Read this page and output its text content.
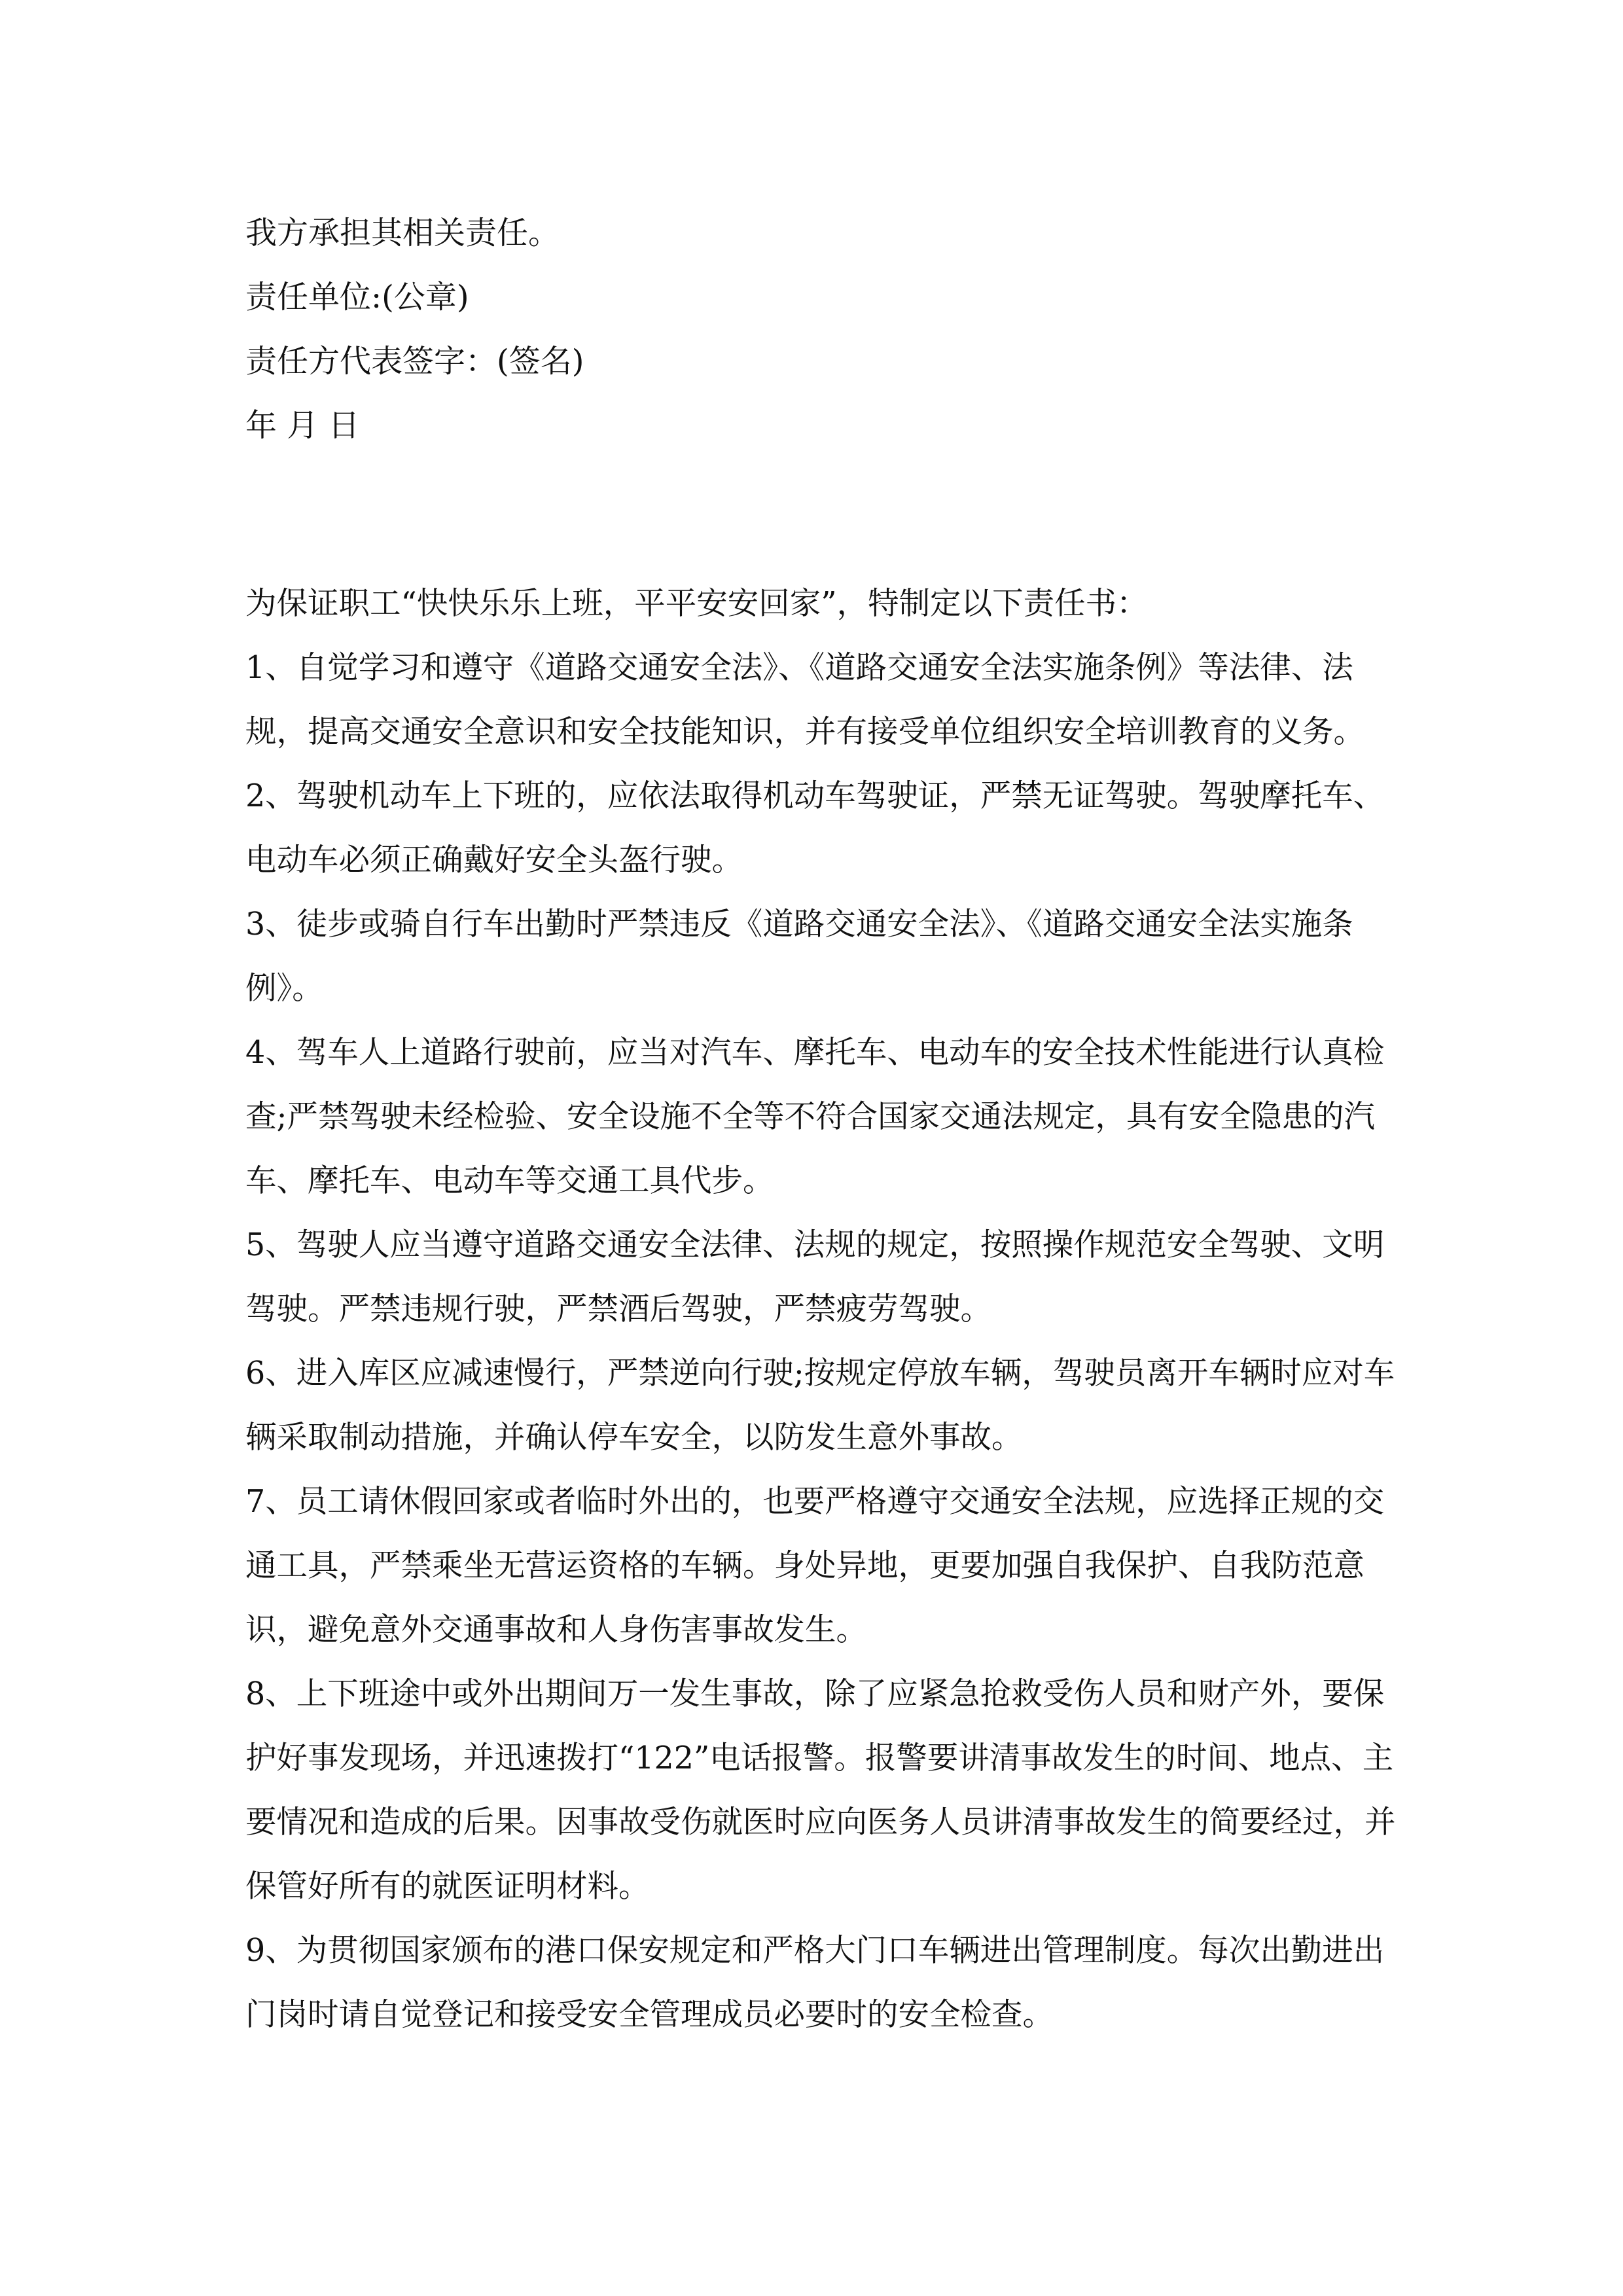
我方承担其相关责任。

责任单位:(公章)

责任方代表签字：(签名)

年 月 日

为保证职工“快快乐乐上班，平平安安回家”，特制定以下责任书：

1、自觉学习和遵守《道路交通安全法》、《道路交通安全法实施条例》等法律、法规，提高交通安全意识和安全技能知识，并有接受单位组织安全培训教育的义务。

2、驾驶机动车上下班的，应依法取得机动车驾驶证，严禁无证驾驶。驾驶摩托车、电动车必须正确戴好安全头盔行驶。

3、徒步或骑自行车出勤时严禁违反《道路交通安全法》、《道路交通安全法实施条例》。

4、驾车人上道路行驶前，应当对汽车、摩托车、电动车的安全技术性能进行认真检查;严禁驾驶未经检验、安全设施不全等不符合国家交通法规定，具有安全隐患的汽车、摩托车、电动车等交通工具代步。

5、驾驶人应当遵守道路交通安全法律、法规的规定，按照操作规范安全驾驶、文明驾驶。严禁违规行驶，严禁酒后驾驶，严禁疲劳驾驶。

6、进入库区应减速慢行，严禁逆向行驶;按规定停放车辆，驾驶员离开车辆时应对车辆采取制动措施，并确认停车安全，以防发生意外事故。

7、员工请休假回家或者临时外出的，也要严格遵守交通安全法规，应选择正规的交通工具，严禁乘坐无营运资格的车辆。身处异地，更要加强自我保护、自我防范意识，避免意外交通事故和人身伤害事故发生。

8、上下班途中或外出期间万一发生事故，除了应紧急抢救受伤人员和财产外，要保护好事发现场，并迅速拨打“122”电话报警。报警要讲清事故发生的时间、地点、主要情况和造成的后果。因事故受伤就医时应向医务人员讲清事故发生的简要经过，并保管好所有的就医证明材料。

9、为贯彻国家颁布的港口保安规定和严格大门口车辆进出管理制度。每次出勤进出门岗时请自觉登记和接受安全管理成员必要时的安全检查。
